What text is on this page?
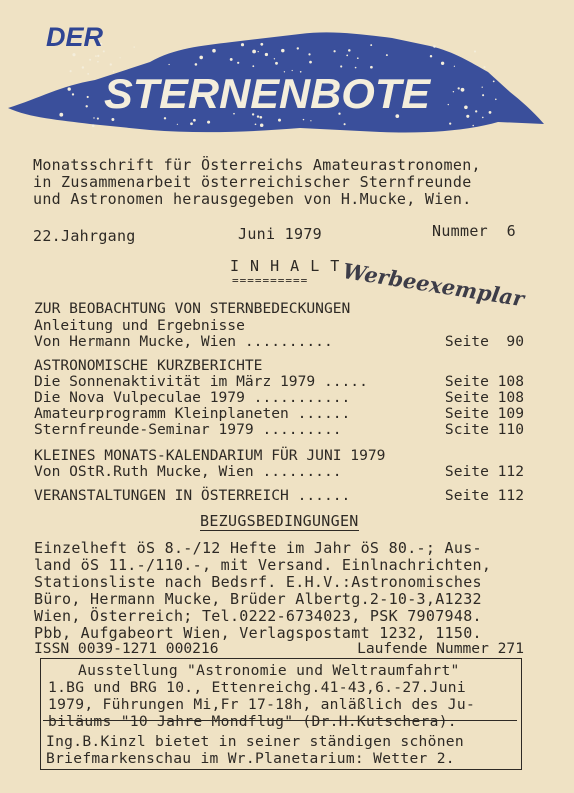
DER
STERNENBOTE
Monatsschrift für Österreichs Amateurastronomen,
in Zusammenarbeit österreichischer Sternfreunde
und Astronomen herausgegeben von H.Mucke, Wien.
22.Jahrgang	Juni 1979	Nummer  6
I N H A L T
========== Werbeexemplar
ZUR BEOBACHTUNG VON STERNBEDECKUNGEN
Anleitung und Ergebnisse
Von Hermann Mucke, Wien ..........	Seite  90
ASTRONOMISCHE KURZBERICHTE
Die Sonnenaktivität im März 1979 .....	Seite 108
Die Nova Vulpeculae 1979 ...........	Seite 108
Amateurprogramm Kleinplaneten ......	Seite 109
Sternfreunde-Seminar 1979 .........	Scite 110
KLEINES MONATS-KALENDARIUM FÜR JUNI 1979
Von OStR.Ruth Mucke, Wien .........	Seite 112
VERANSTALTUNGEN IN ÖSTERREICH ......	Seite 112
BEZUGSBEDINGUNGEN
Einzelheft öS 8.-/12 Hefte im Jahr öS 80.-; Aus-
land öS 11.-/110.-, mit Versand. Einlnachrichten,
Stationsliste nach Bedsrf. E.H.V.:Astronomisches
Büro, Hermann Mucke, Brüder Albertg.2-10-3,A1232
Wien, Österreich; Tel.0222-6734023, PSK 7907948.
Pbb, Aufgabeort Wien, Verlagspostamt 1232, 1150.
ISSN 0039-1271 000216	Laufende Nummer 271
Ausstellung "Astronomie und Weltraumfahrt"
1.BG und BRG 10., Ettenreichg.41-43,6.-27.Juni
1979, Führungen Mi,Fr 17-18h, anläßlich des Ju-
biläums "10 Jahre Mondflug" (Dr.H.Kutschera).
Ing.B.Kinzl bietet in seiner ständigen schönen
Briefmarkenschau im Wr.Planetarium: Wetter 2.
